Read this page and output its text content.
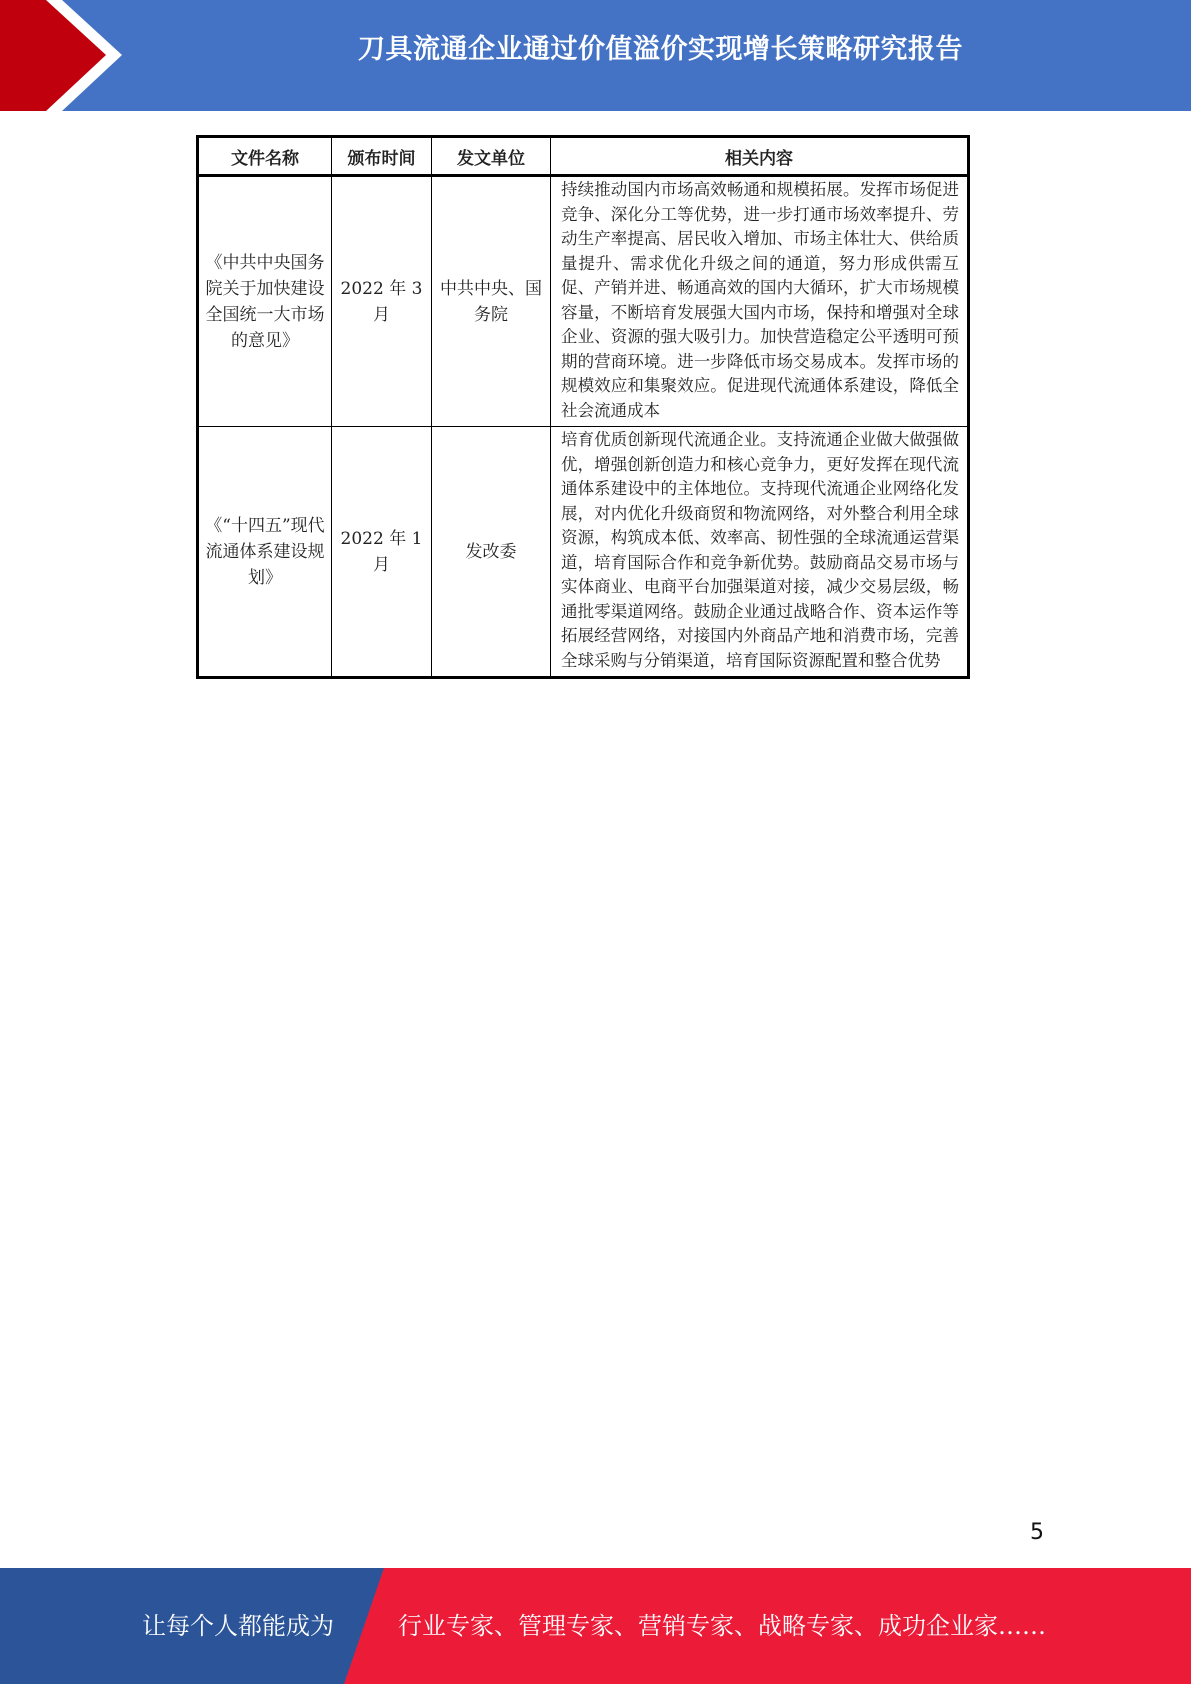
刀具流通企业通过价值溢价实现增长策略研究报告
文件名称	颁布时间	发文单位	相关内容

《中共中央国务院关于加快建设全国统一大市场的意见》	2022 年 3 月	中共中央、国务院	持续推动国内市场高效畅通和规模拓展。发挥市场促进竞争、深化分工等优势，进一步打通市场效率提升、劳动生产率提高、居民收入增加、市场主体壮大、供给质量提升、需求优化升级之间的通道，努力形成供需互促、产销并进、畅通高效的国内大循环，扩大市场规模容量，不断培育发展强大国内市场，保持和增强对全球企业、资源的强大吸引力。加快营造稳定公平透明可预期的营商环境。进一步降低市场交易成本。发挥市场的规模效应和集聚效应。促进现代流通体系建设，降低全社会流通成本

《“十四五”现代流通体系建设规划》	2022 年 1 月	发改委	培育优质创新现代流通企业。支持流通企业做大做强做优，增强创新创造力和核心竞争力，更好发挥在现代流通体系建设中的主体地位。支持现代流通企业网络化发展，对内优化升级商贸和物流网络，对外整合利用全球资源，构筑成本低、效率高、韧性强的全球流通运营渠道，培育国际合作和竞争新优势。鼓励商品交易市场与实体商业、电商平台加强渠道对接，减少交易层级，畅通批零渠道网络。鼓励企业通过战略合作、资本运作等拓展经营网络，对接国内外商品产地和消费市场，完善全球采购与分销渠道，培育国际资源配置和整合优势
5
让每个人都能成为	行业专家、管理专家、营销专家、战略专家、成功企业家……
